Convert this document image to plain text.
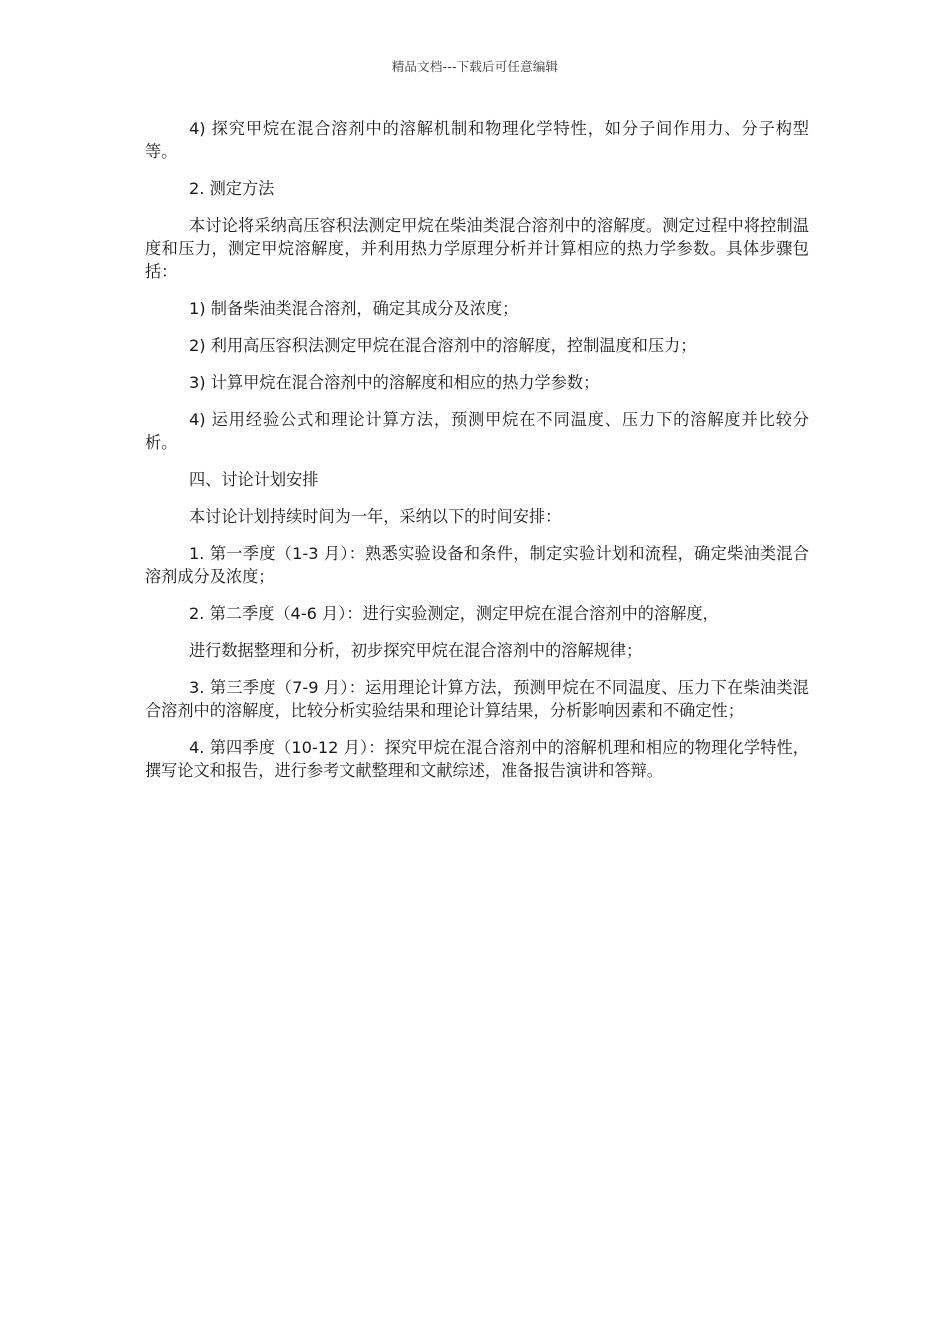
精品文档---下载后可任意编辑

4) 探究甲烷在混合溶剂中的溶解机制和物理化学特性，如分子间作用力、分子构型等。

2. 测定方法

本讨论将采纳高压容积法测定甲烷在柴油类混合溶剂中的溶解度。测定过程中将控制温度和压力，测定甲烷溶解度，并利用热力学原理分析并计算相应的热力学参数。具体步骤包括：

1) 制备柴油类混合溶剂，确定其成分及浓度；

2) 利用高压容积法测定甲烷在混合溶剂中的溶解度，控制温度和压力；

3) 计算甲烷在混合溶剂中的溶解度和相应的热力学参数；

4) 运用经验公式和理论计算方法，预测甲烷在不同温度、压力下的溶解度并比较分析。

四、讨论计划安排

本讨论计划持续时间为一年，采纳以下的时间安排：

1. 第一季度（1-3 月）：熟悉实验设备和条件，制定实验计划和流程，确定柴油类混合溶剂成分及浓度；

2. 第二季度（4-6 月）：进行实验测定，测定甲烷在混合溶剂中的溶解度，

进行数据整理和分析，初步探究甲烷在混合溶剂中的溶解规律；

3. 第三季度（7-9 月）：运用理论计算方法，预测甲烷在不同温度、压力下在柴油类混合溶剂中的溶解度，比较分析实验结果和理论计算结果，分析影响因素和不确定性；

4. 第四季度（10-12 月）：探究甲烷在混合溶剂中的溶解机理和相应的物理化学特性，撰写论文和报告，进行参考文献整理和文献综述，准备报告演讲和答辩。
